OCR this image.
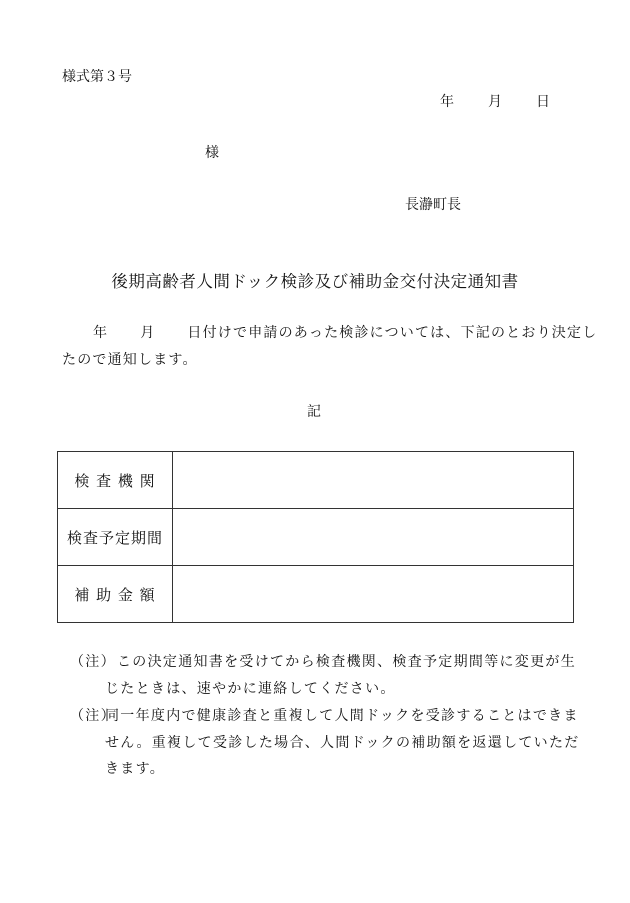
様式第３号
年 月 日
様
長瀞町長
後期高齢者人間ドック検診及び補助金交付決定通知書
年 月 日付けで申請のあった検診については、下記のとおり決定し
たので通知します。
記
検 査 機 関	
検査予定期間	
補 助 金 額	
（注） この決定通知書を受けてから検査機関、検査予定期間等に変更が生じたときは、速やかに連絡してください。
（注）
同一年度内で健康診査と重複して人間ドックを受診することはできません。重複して受診した場合、人間ドックの補助額を返還していただきます。
